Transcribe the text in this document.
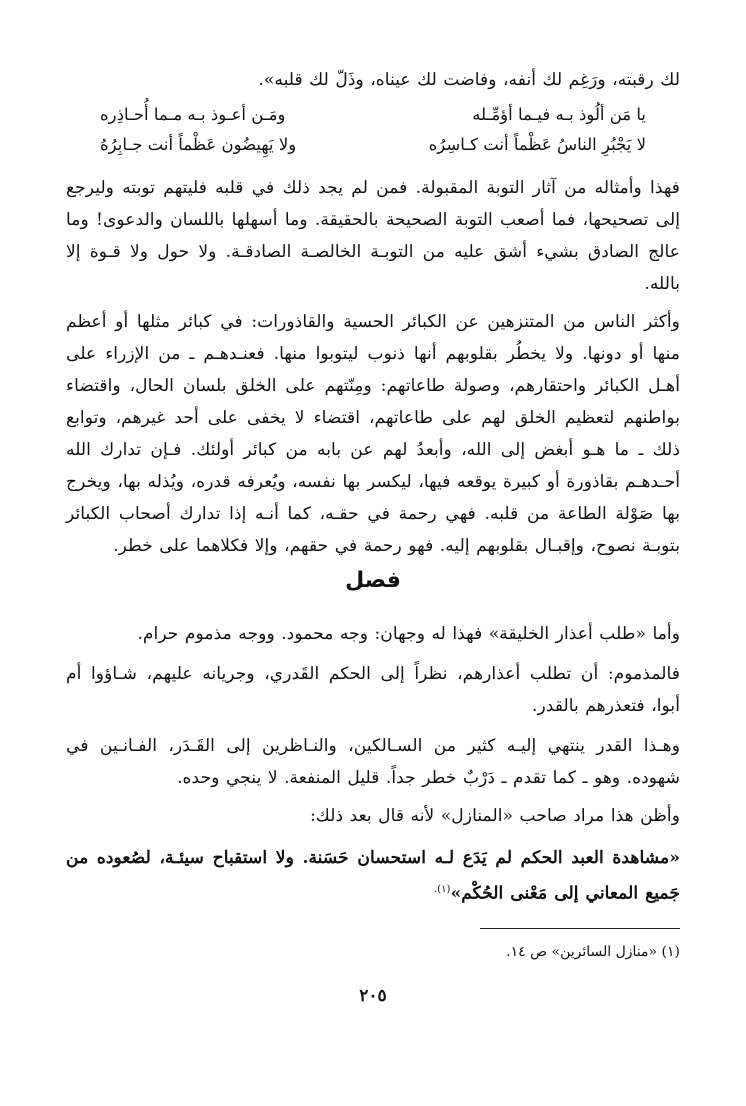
لك رقبته، ورَغِم لك أنفه، وفاضت لك عيناه، وذَلّ لك قلبه».
يا مَن ألُوذ بـه فيـما أؤمِّـله
ومَـن أعـوذ بـه مـما أُحـاذِره
لا يَجْبُرِ الناسُ عَظْماً أنت كـاسِرُه
ولا يَهِيضُون عَظْماً أنت جـابِرُهُ
فهذا وأمثاله من آثار التوبة المقبولة. فمن لم يجد ذلك في قلبه فليتهم توبته وليرجع إلى تصحيحها، فما أصعب التوبة الصحيحة بالحقيقة. وما أسهلها باللسان والدعوى! وما عالج الصادق بشيء أشق عليه من التوبـة الخالصـة الصادقـة. ولا حول ولا قـوة إلا بالله.
وأكثر الناس من المتنزهين عن الكبائر الحسية والقاذورات: في كبائر مثلها أو أعظم منها أو دونها. ولا يخطُر بقلوبهم أنها ذنوب ليتوبوا منها. فعنـدهـم ـ من الإزراء على أهـل الكبائر واحتقارهم، وصولة طاعاتهم: ومِنّتهم على الخلق بلسان الحال، واقتضاء بواطنهم لتعظيم الخلق لهم على طاعاتهم، اقتضاء لا يخفى على أحد غيرهم، وتوابع ذلك ـ ما هـو أبغض إلى الله، وأبعدُ لهم عن بابه من كبائر أولئك. فـإن تدارك الله أحـدهـم بقاذورة أو كبيرة يوقعه فيها، ليكسر بها نفسه، ويُعرفه قدره، ويُذله بها، ويخرج بها صَوْلة الطاعة من قلبه. فهي رحمة في حقـه، كما أنـه إذا تدارك أصحاب الكبائر بتوبـة نصوح، وإقبـال بقلوبهم إليه. فهو رحمة في حقهم، وإلا فكلاهما على خطر.
فصل
وأما «طلب أعذار الخليقة» فهذا له وجهان: وجه محمود. ووجه مذموم حرام.
فالمذموم: أن تطلب أعذارهم، نظراً إلى الحكم القَدري، وجريانه عليهم، شـاؤوا أم أبوا، فتعذرهم بالقدر.
وهـذا القدر ينتهي إليـه كثير من السـالكين، والنـاظرين إلى القَـدَر، الفـانـين في شهوده. وهو ـ كما تقدم ـ دَرْبٌ خطر جداً. قليل المنفعة. لا ينجي وحده.
وأظن هذا مراد صاحب «المنازل» لأنه قال بعد ذلك:
«مشاهدة العبد الحكم لم يَدَع لـه استحسان حَسَنة. ولا استقباح سيئـة، لصُعوده من جَميع المعاني إلى مَعْنى الحُكْم»$^{(١).}$
(١) «منازل السائرين» ص ١٤.
٢٠٥
